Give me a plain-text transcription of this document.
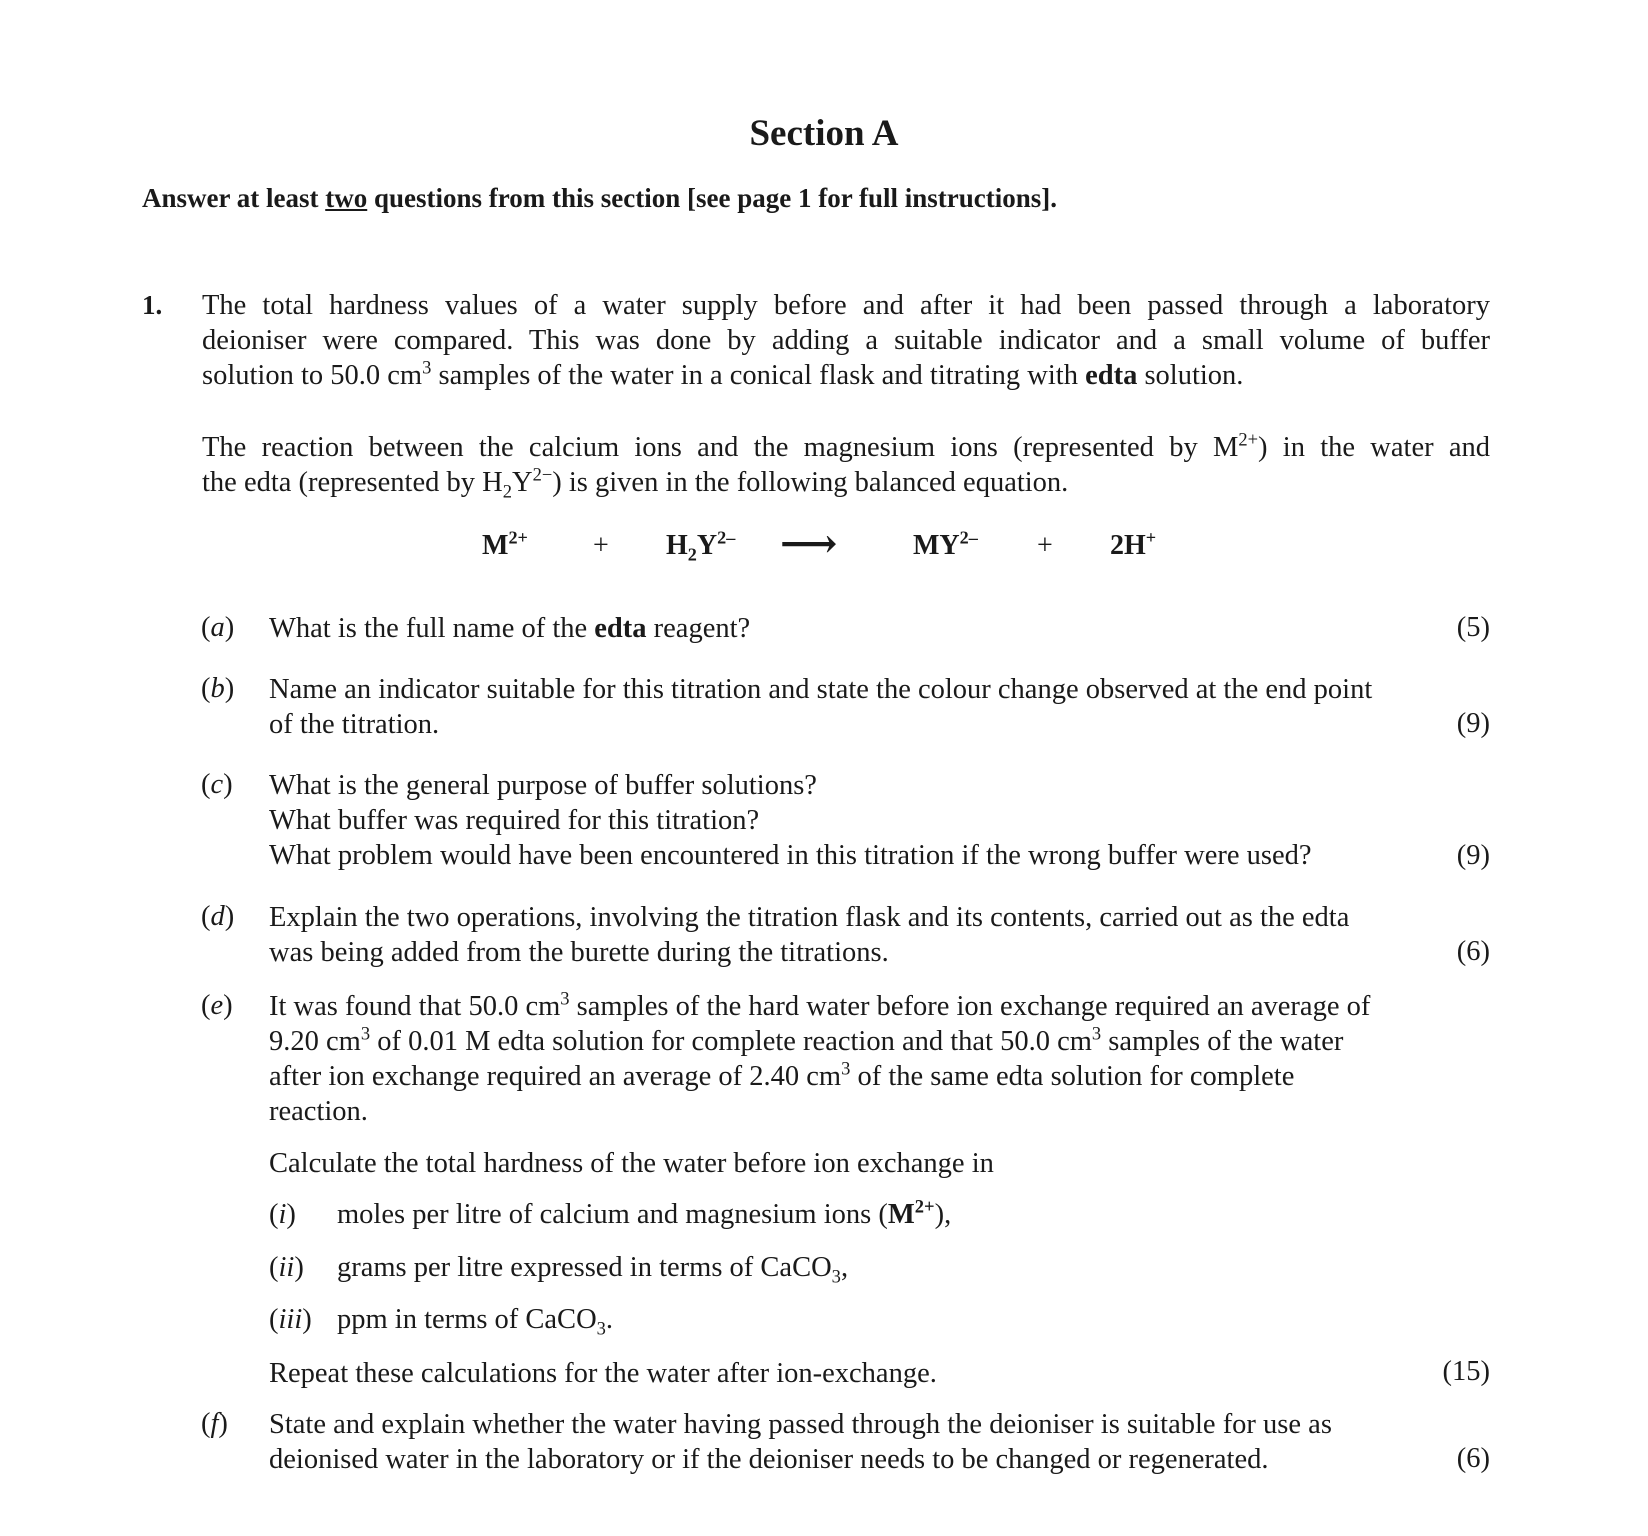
Section A
Answer at least two questions from this section [see page 1 for full instructions].
1. The total hardness values of a water supply before and after it had been passed through a laboratory
deioniser were compared. This was done by adding a suitable indicator and a small volume of buffer
solution to 50.0 $cm^3$ samples of the water in a conical flask and titrating with edta solution.
The reaction between the calcium ions and the magnesium ions (represented by $M^{2+}$) in the water and
the edta (represented by $H_2Y^{2-}$) is given in the following balanced equation.
$M^{2+} + H_2Y^{2-}$ ⟶	$MY^{2-} + 2H^+$
(a) What is the full name of the edta reagent?	(5)
(b) Name an indicator suitable for this titration and state the colour change observed at the end point
of the titration.	(9)
(c) What is the general purpose of buffer solutions?
What buffer was required for this titration?
What problem would have been encountered in this titration if the wrong buffer were used?	(9)
(d) Explain the two operations, involving the titration flask and its contents, carried out as the edta
was being added from the burette during the titrations.	(6)
(e) It was found that 50.0 $cm^3$ samples of the hard water before ion exchange required an average of
9.20 $cm^3$ of 0.01 M edta solution for complete reaction and that 50.0 $cm^3$ samples of the water
after ion exchange required an average of 2.40 $cm^3$ of the same edta solution for complete
reaction.
Calculate the total hardness of the water before ion exchange in
(i) moles per litre of calcium and magnesium ions $(M^{2+})$,
(ii) grams per litre expressed in terms of CaCO$_3$,
(iii) ppm in terms of CaCO$_3$.
Repeat these calculations for the water after ion-exchange.	(15)
(f) State and explain whether the water having passed through the deioniser is suitable for use as
deionised water in the laboratory or if the deioniser needs to be changed or regenerated.	(6)
